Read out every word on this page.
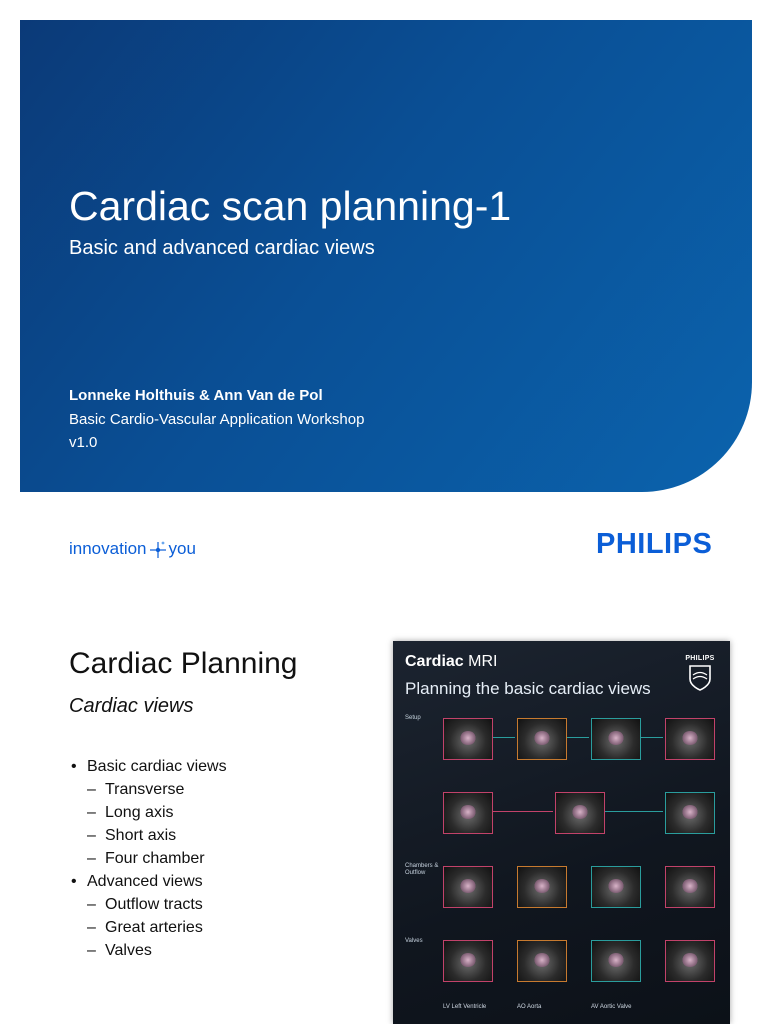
Cardiac scan planning-1
Basic and advanced cardiac views
Lonneke Holthuis & Ann Van de Pol
Basic Cardio-Vascular Application Workshop
v1.0
innovation you	PHILIPS
Cardiac Planning
Cardiac views
• Basic cardiac views
– Transverse
– Long axis
– Short axis
– Four chamber
• Advanced views
– Outflow tracts
– Great arteries
– Valves
Cardiac MRI
Planning the basic cardiac views
PHILIPS
Setup
Chambers & Outflow
Valves
LV Left Ventricle	AO Aorta	AV Aortic Valve
